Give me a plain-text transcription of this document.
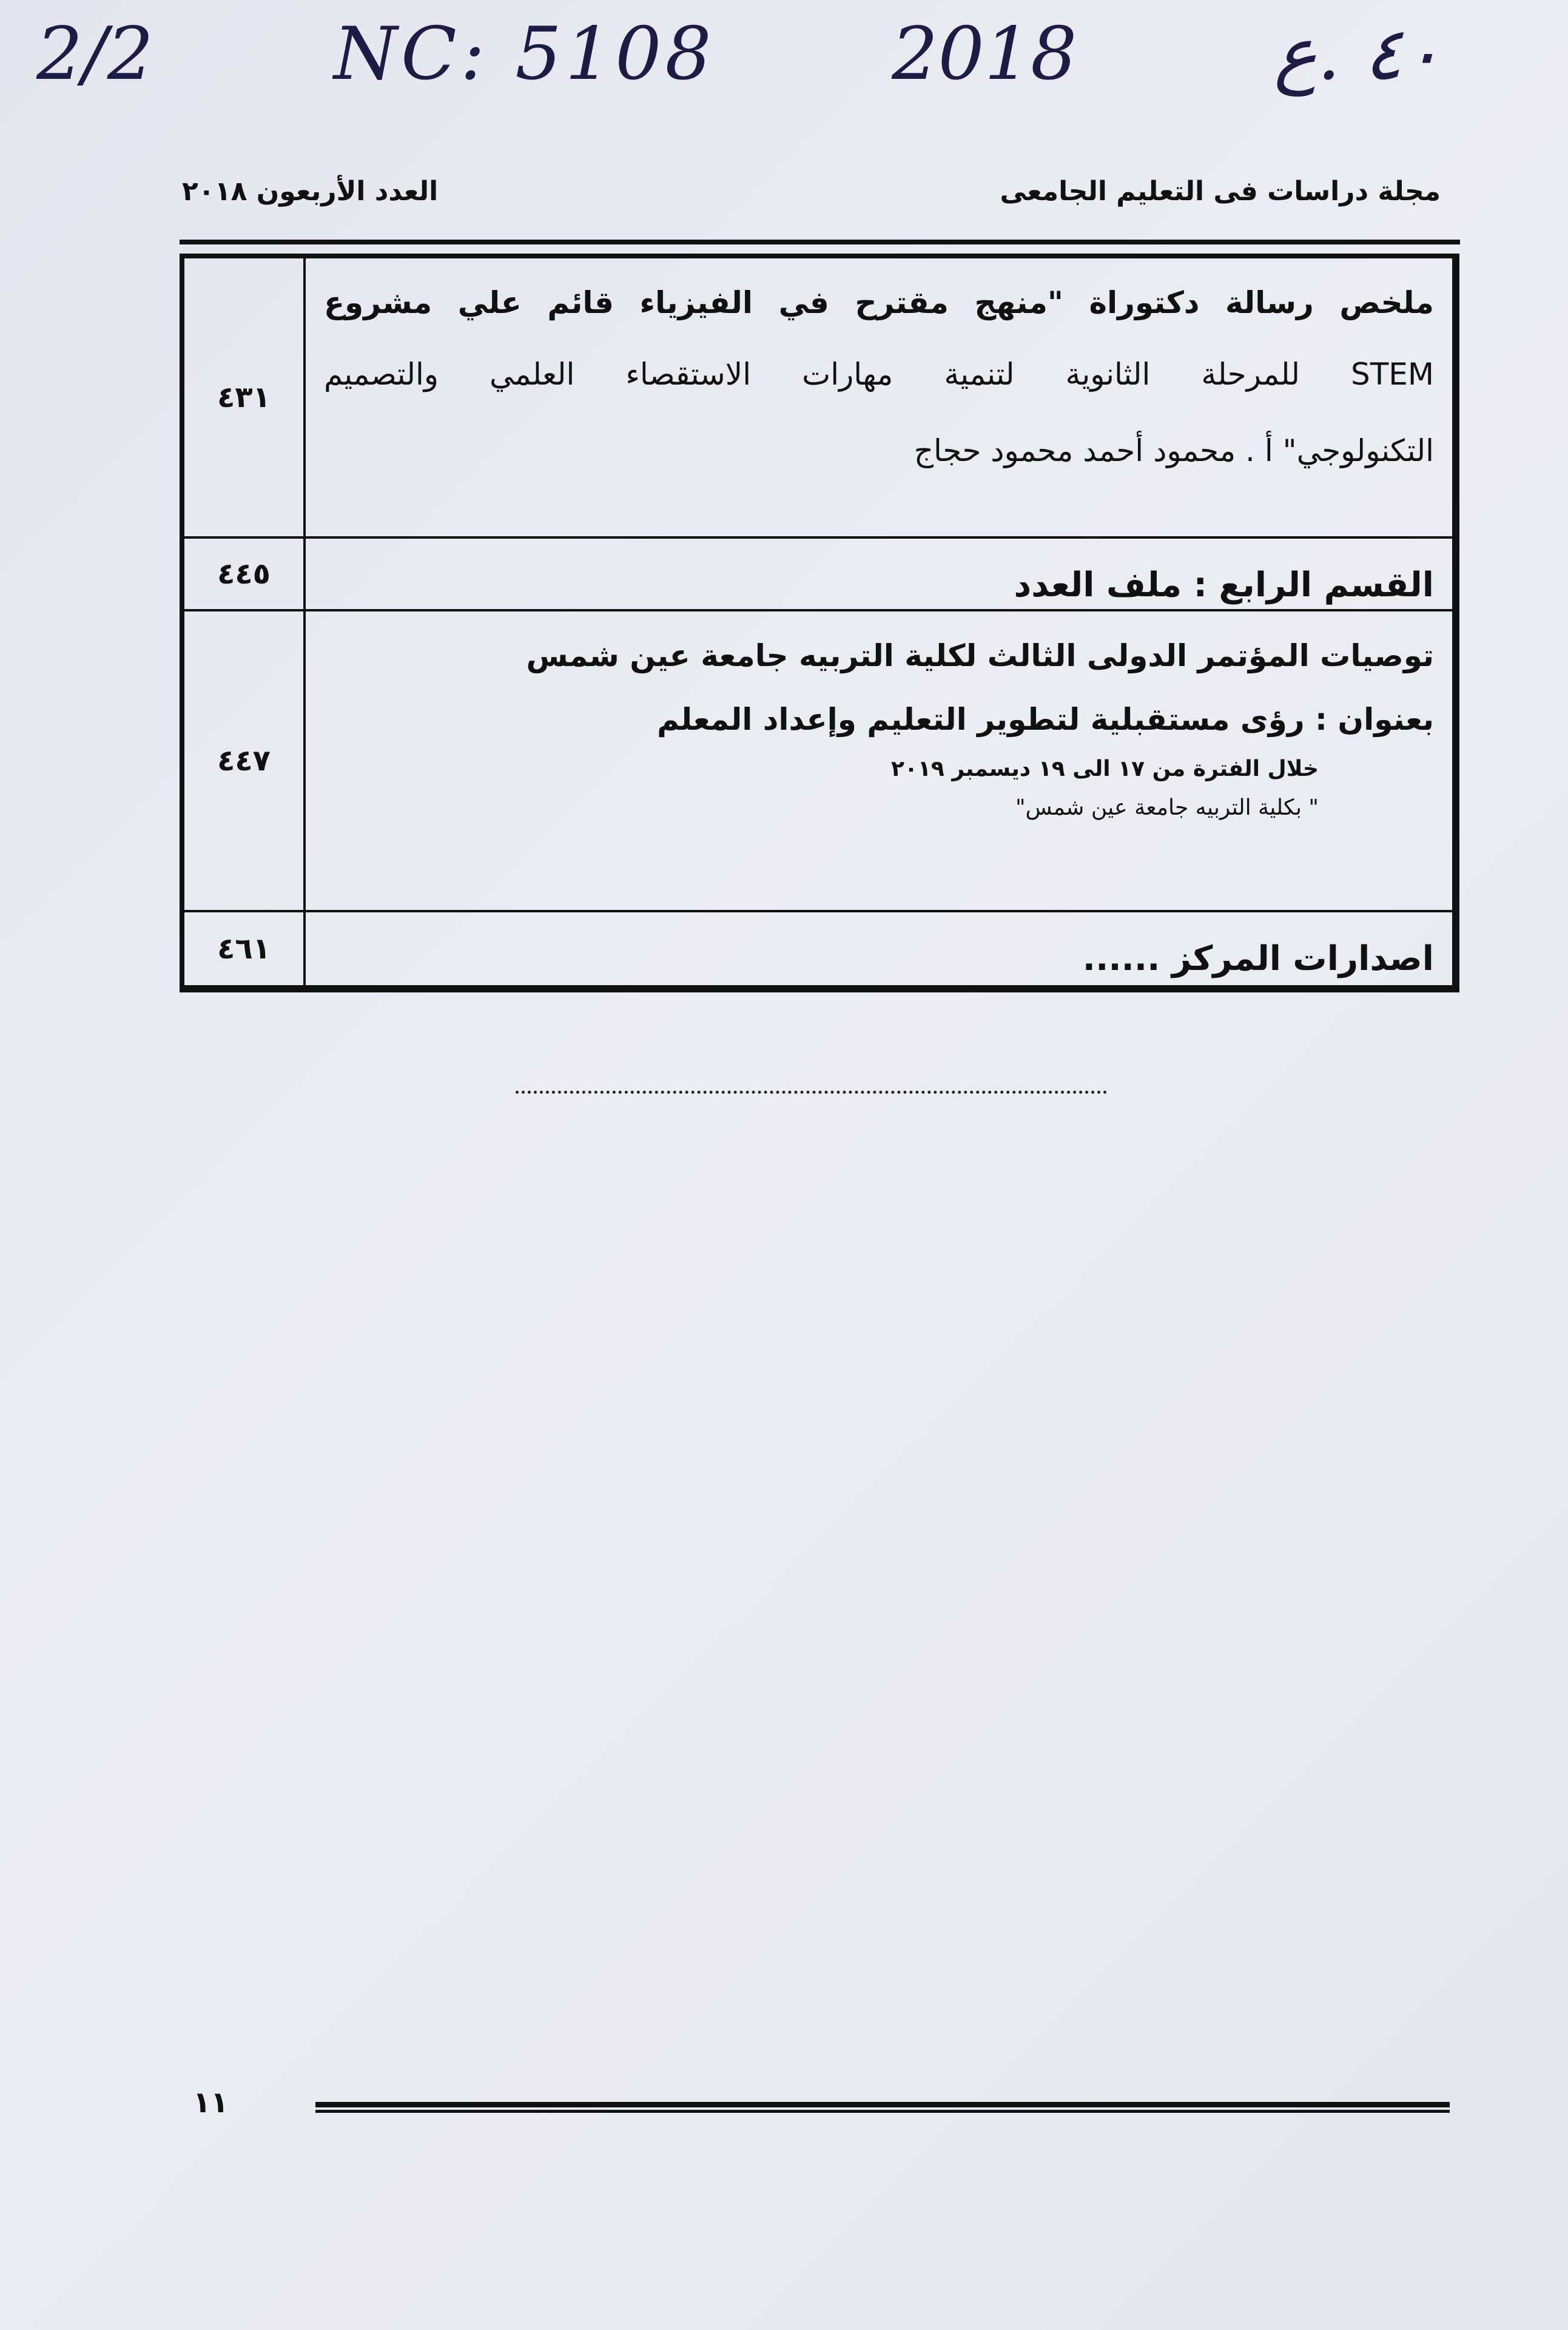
2/2 NC: 5108 2018	٤٠ .ع
مجلة دراسات فى التعليم الجامعى
العدد الأربعون ٢٠١٨
ملخص رسالة دكتوراة "منهج مقترح في الفيزياء قائم علي مشروع
STEM للمرحلة الثانوية لتنمية مهارات الاستقصاء العلمي والتصميم
التكنولوجي" أ . محمود أحمد محمود حجاج
٤٣١
القسم الرابع : ملف العدد
٤٤٥
توصيات المؤتمر الدولى الثالث لكلية التربيه جامعة عين شمس
بعنوان : رؤى مستقبلية لتطوير التعليم وإعداد المعلم
خلال الفترة من ١٧ الى ١٩ ديسمبر ٢٠١٩
" بكلية التربيه جامعة عين شمس"
٤٤٧
اصدارات المركز ......
٤٦١
١١
